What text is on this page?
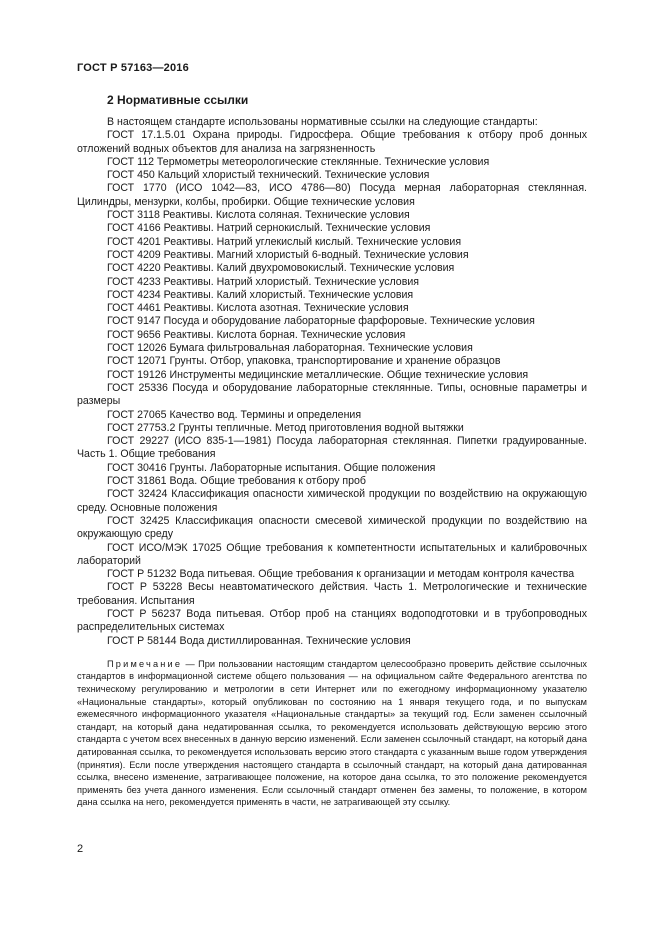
ГОСТ Р 57163—2016
2 Нормативные ссылки

В настоящем стандарте использованы нормативные ссылки на следующие стандарты:

ГОСТ 17.1.5.01 Охрана природы. Гидросфера. Общие требования к отбору проб донных отложений водных объектов для анализа на загрязненность

ГОСТ 112 Термометры метеорологические стеклянные. Технические условия

ГОСТ 450 Кальций хлористый технический. Технические условия

ГОСТ 1770 (ИСО 1042—83, ИСО 4786—80) Посуда мерная лабораторная стеклянная. Цилиндры, мензурки, колбы, пробирки. Общие технические условия

ГОСТ 3118 Реактивы. Кислота соляная. Технические условия

ГОСТ 4166 Реактивы. Натрий сернокислый. Технические условия

ГОСТ 4201 Реактивы. Натрий углекислый кислый. Технические условия

ГОСТ 4209 Реактивы. Магний хлористый 6-водный. Технические условия

ГОСТ 4220 Реактивы. Калий двухромовокислый. Технические условия

ГОСТ 4233 Реактивы. Натрий хлористый. Технические условия

ГОСТ 4234 Реактивы. Калий хлористый. Технические условия

ГОСТ 4461 Реактивы. Кислота азотная. Технические условия

ГОСТ 9147 Посуда и оборудование лабораторные фарфоровые. Технические условия

ГОСТ 9656 Реактивы. Кислота борная. Технические условия

ГОСТ 12026 Бумага фильтровальная лабораторная. Технические условия

ГОСТ 12071 Грунты. Отбор, упаковка, транспортирование и хранение образцов

ГОСТ 19126 Инструменты медицинские металлические. Общие технические условия

ГОСТ 25336 Посуда и оборудование лабораторные стеклянные. Типы, основные параметры и размеры

ГОСТ 27065 Качество вод. Термины и определения

ГОСТ 27753.2 Грунты тепличные. Метод приготовления водной вытяжки

ГОСТ 29227 (ИСО 835-1—1981) Посуда лабораторная стеклянная. Пипетки градуированные. Часть 1. Общие требования

ГОСТ 30416 Грунты. Лабораторные испытания. Общие положения

ГОСТ 31861 Вода. Общие требования к отбору проб

ГОСТ 32424 Классификация опасности химической продукции по воздействию на окружающую среду. Основные положения

ГОСТ 32425 Классификация опасности смесевой химической продукции по воздействию на окружающую среду

ГОСТ ИСО/МЭК 17025 Общие требования к компетентности испытательных и калибровочных лабораторий

ГОСТ Р 51232 Вода питьевая. Общие требования к организации и методам контроля качества

ГОСТ Р 53228 Весы неавтоматического действия. Часть 1. Метрологические и технические требования. Испытания

ГОСТ Р 56237 Вода питьевая. Отбор проб на станциях водоподготовки и в трубопроводных распределительных системах

ГОСТ Р 58144 Вода дистиллированная. Технические условия

Примечание — При пользовании настоящим стандартом целесообразно проверить действие ссылочных стандартов в информационной системе общего пользования — на официальном сайте Федерального агентства по техническому регулированию и метрологии в сети Интернет или по ежегодному информационному указателю «Национальные стандарты», который опубликован по состоянию на 1 января текущего года, и по выпускам ежемесячного информационного указателя «Национальные стандарты» за текущий год. Если заменен ссылочный стандарт, на который дана недатированная ссылка, то рекомендуется использовать действующую версию этого стандарта с учетом всех внесенных в данную версию изменений. Если заменен ссылочный стандарт, на который дана датированная ссылка, то рекомендуется использовать версию этого стандарта с указанным выше годом утверждения (принятия). Если после утверждения настоящего стандарта в ссылочный стандарт, на который дана датированная ссылка, внесено изменение, затрагивающее положение, на которое дана ссылка, то это положение рекомендуется применять без учета данного изменения. Если ссылочный стандарт отменен без замены, то положение, в котором дана ссылка на него, рекомендуется применять в части, не затрагивающей эту ссылку.

2
